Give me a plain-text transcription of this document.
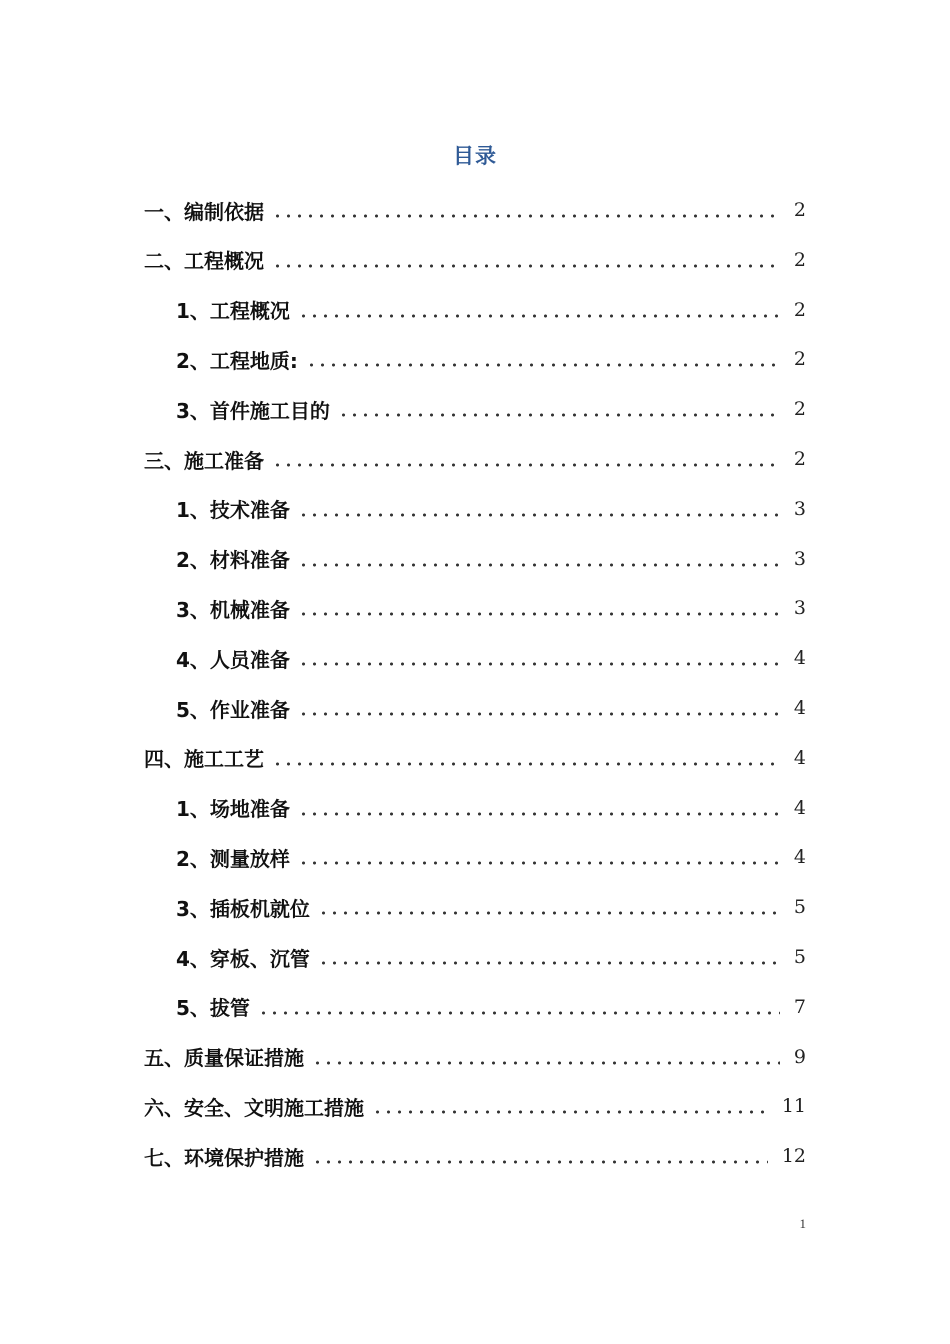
目录
一、编制依据	2
二、工程概况	2
1、工程概况	2
2、工程地质:	2
3、首件施工目的	2
三、施工准备	2
1、技术准备	3
2、材料准备	3
3、机械准备	3
4、人员准备	4
5、作业准备	4
四、施工工艺	4
1、场地准备	4
2、测量放样	4
3、插板机就位	5
4、穿板、沉管	5
5、拔管	7
五、质量保证措施	9
六、安全、文明施工措施	11
七、环境保护措施	12
1
